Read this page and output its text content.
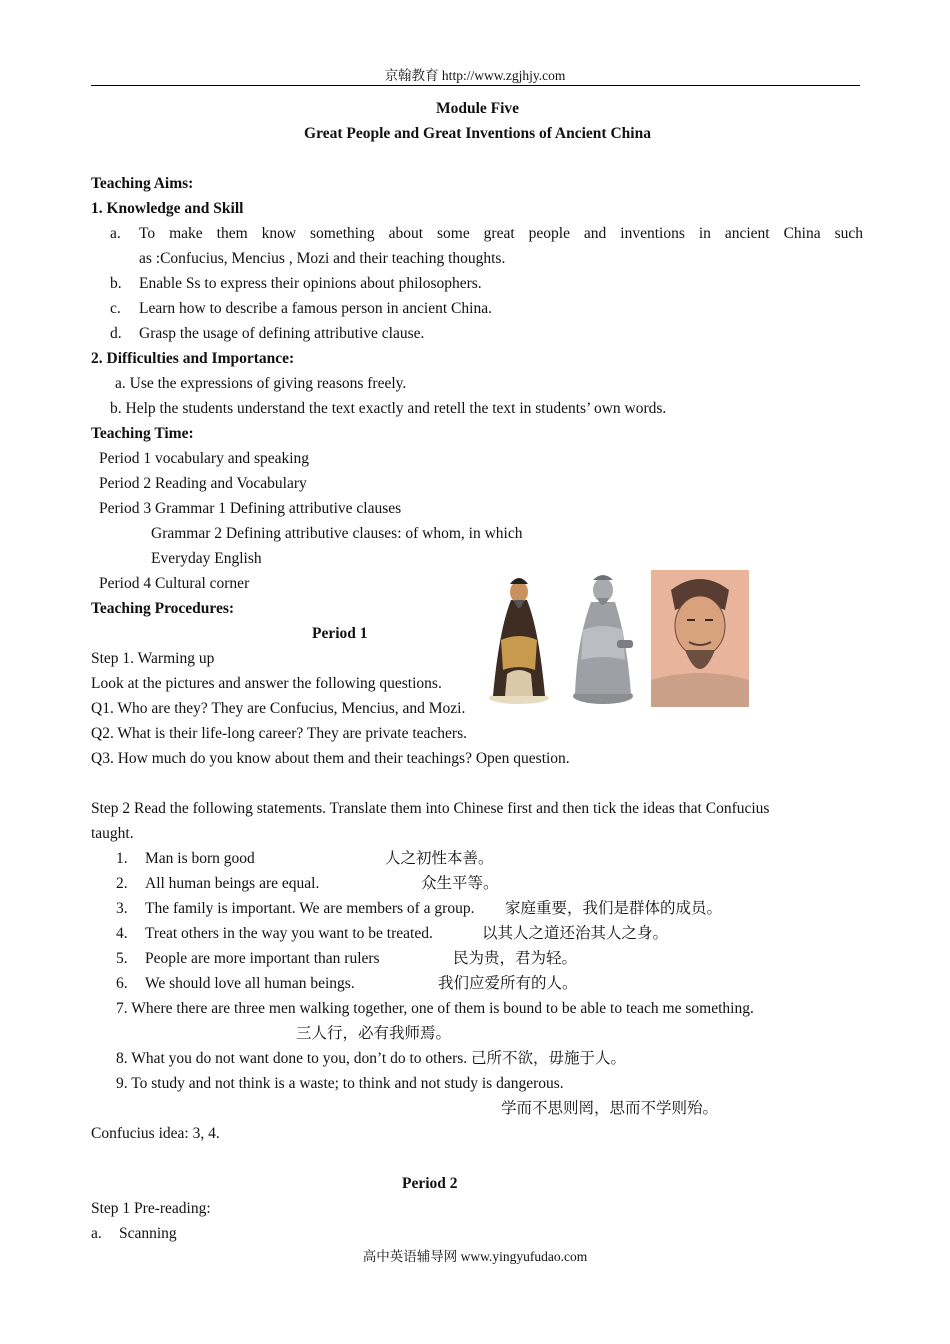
京翰教育 http://www.zgjhjy.com
Module Five
Great People and Great Inventions of Ancient China
Teaching Aims:
1. Knowledge and Skill
a. To make them know something about some great people and inventions in ancient China such
as :Confucius, Mencius , Mozi and their teaching thoughts.
b. Enable Ss to express their opinions about philosophers.
c. Learn how to describe a famous person in ancient China.
d. Grasp the usage of defining attributive clause.
2. Difficulties and Importance:
a. Use the expressions of giving reasons freely.
b. Help the students understand the text exactly and retell the text in students’ own words.
Teaching Time:
Period 1 vocabulary and speaking
Period 2 Reading and Vocabulary
Period 3 Grammar 1 Defining attributive clauses
Grammar 2 Defining attributive clauses: of whom, in which
Everyday English
Period 4 Cultural corner
Teaching Procedures:
Period 1
Step 1. Warming up
Look at the pictures and answer the following questions.
Q1. Who are they? They are Confucius, Mencius, and Mozi.
Q2. What is their life-long career? They are private teachers.
Q3. How much do you know about them and their teachings? Open question.
Step 2 Read the following statements. Translate them into Chinese first and then tick the ideas that Confucius
taught.
1. Man is born good	人之初性本善。
2. All human beings are equal.	众生平等。
3. The family is important. We are members of a group. 家庭重要，我们是群体的成员。
4. Treat others in the way you want to be treated.	以其人之道还治其人之身。
5. People are more important than rulers	民为贵，君为轻。
6. We should love all human beings.	我们应爱所有的人。
7. Where there are three men walking together, one of them is bound to be able to teach me something.
三人行，必有我师焉。
8. What you do not want done to you, don’t do to others. 己所不欲，毋施于人。
9. To study and not think is a waste; to think and not study is dangerous.
学而不思则罔，思而不学则殆。
Confucius idea: 3, 4.
Period 2
Step 1 Pre-reading:
a. Scanning
高中英语辅导网 www.yingyufudao.com
